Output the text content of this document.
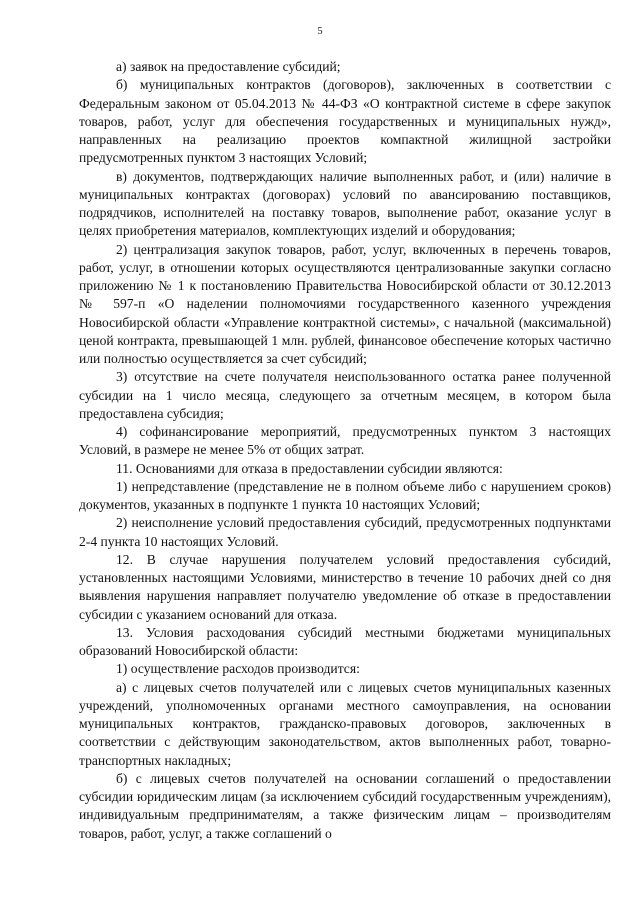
5

а) заявок на предоставление субсидий;

б) муниципальных контрактов (договоров), заключенных в соответствии с Федеральным законом от 05.04.2013 № 44-ФЗ «О контрактной системе в сфере закупок товаров, работ, услуг для обеспечения государственных и муниципальных нужд», направленных на реализацию проектов компактной жилищной застройки предусмотренных пунктом 3 настоящих Условий;

в) документов, подтверждающих наличие выполненных работ, и (или) наличие в муниципальных контрактах (договорах) условий по авансированию поставщиков, подрядчиков, исполнителей на поставку товаров, выполнение работ, оказание услуг в целях приобретения материалов, комплектующих изделий и оборудования;

2) централизация закупок товаров, работ, услуг, включенных в перечень товаров, работ, услуг, в отношении которых осуществляются централизованные закупки согласно приложению № 1 к постановлению Правительства Новосибирской области от 30.12.2013 № 597-п «О наделении полномочиями государственного казенного учреждения Новосибирской области «Управление контрактной системы», с начальной (максимальной) ценой контракта, превышающей 1 млн. рублей, финансовое обеспечение которых частично или полностью осуществляется за счет субсидий;

3) отсутствие на счете получателя неиспользованного остатка ранее полученной субсидии на 1 число месяца, следующего за отчетным месяцем, в котором была предоставлена субсидия;

4) софинансирование мероприятий, предусмотренных пунктом 3 настоящих Условий, в размере не менее 5% от общих затрат.

11. Основаниями для отказа в предоставлении субсидии являются:

1) непредставление (представление не в полном объеме либо с нарушением сроков) документов, указанных в подпункте 1 пункта 10 настоящих Условий;

2) неисполнение условий предоставления субсидий, предусмотренных подпунктами 2-4 пункта 10 настоящих Условий.

12. В случае нарушения получателем условий предоставления субсидий, установленных настоящими Условиями, министерство в течение 10 рабочих дней со дня выявления нарушения направляет получателю уведомление об отказе в предоставлении субсидии с указанием оснований для отказа.

13. Условия расходования субсидий местными бюджетами муниципальных образований Новосибирской области:

1) осуществление расходов производится:

а) с лицевых счетов получателей или с лицевых счетов муниципальных казенных учреждений, уполномоченных органами местного самоуправления, на основании муниципальных контрактов, гражданско-правовых договоров, заключенных в соответствии с действующим законодательством, актов выполненных работ, товарно-транспортных накладных;

б) с лицевых счетов получателей на основании соглашений о предоставлении субсидии юридическим лицам (за исключением субсидий государственным учреждениям), индивидуальным предпринимателям, а также физическим лицам – производителям товаров, работ, услуг, а также соглашений о
